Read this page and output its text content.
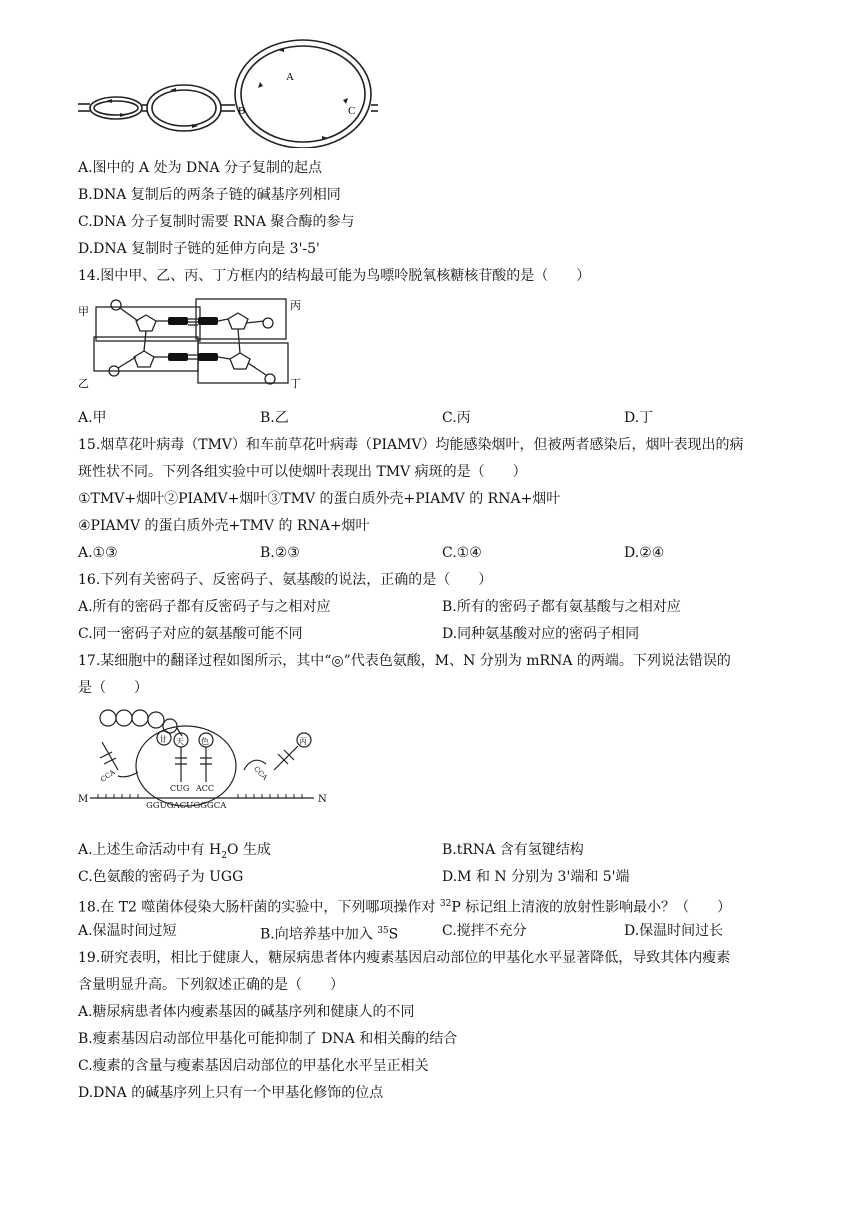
A
B	C
A.图中的 A 处为 DNA 分子复制的起点
B.DNA 复制后的两条子链的碱基序列相同
C.DNA 分子复制时需要 RNA 聚合酶的参与
D.DNA 复制时子链的延伸方向是 3'-5'
14.图中甲、乙、丙、丁方框内的结构最可能为鸟嘌呤脱氧核糖核苷酸的是（　　）
甲
乙
丙
丁
A.甲	B.乙	C.丙	D.丁
15.烟草花叶病毒（TMV）和车前草花叶病毒（PIAMV）均能感染烟叶，但被两者感染后，烟叶表现出的病
斑性状不同。下列各组实验中可以使烟叶表现出 TMV 病斑的是（　　）
①TMV+烟叶②PIAMV+烟叶③TMV 的蛋白质外壳+PIAMV 的 RNA+烟叶
④PIAMV 的蛋白质外壳+TMV 的 RNA+烟叶
A.①③	B.②③	C.①④	D.②④
16.下列有关密码子、反密码子、氨基酸的说法，正确的是（　　）
A.所有的密码子都有反密码子与之相对应	B.所有的密码子都有氨基酸与之相对应
C.同一密码子对应的氨基酸可能不同	D.同种氨基酸对应的密码子相同
17.某细胞中的翻译过程如图所示，其中“◎”代表色氨酸，M、N 分别为 mRNA 的两端。下列说法错误的
是（　　）
甘 天 色	丙
CCA	CCA
CUG ACC
GGUGACUGGGCA
M	N
A.上述生命活动中有 $H_2O$ 生成	B.tRNA 含有氢键结构
C.色氨酸的密码子为 UGG	D.M 和 N 分别为 3'端和 5'端
18.在 T2 噬菌体侵染大肠杆菌的实验中，下列哪项操作对 $^{32}$P 标记组上清液的放射性影响最小？（　　）
A.保温时间过短	B.向培养基中加入 $^{35}$S	C.搅拌不充分	D.保温时间过长
19.研究表明，相比于健康人，糖尿病患者体内瘦素基因启动部位的甲基化水平显著降低，导致其体内瘦素
含量明显升高。下列叙述正确的是（　　）
A.糖尿病患者体内瘦素基因的碱基序列和健康人的不同
B.瘦素基因启动部位甲基化可能抑制了 DNA 和相关酶的结合
C.瘦素的含量与瘦素基因启动部位的甲基化水平呈正相关
D.DNA 的碱基序列上只有一个甲基化修饰的位点
